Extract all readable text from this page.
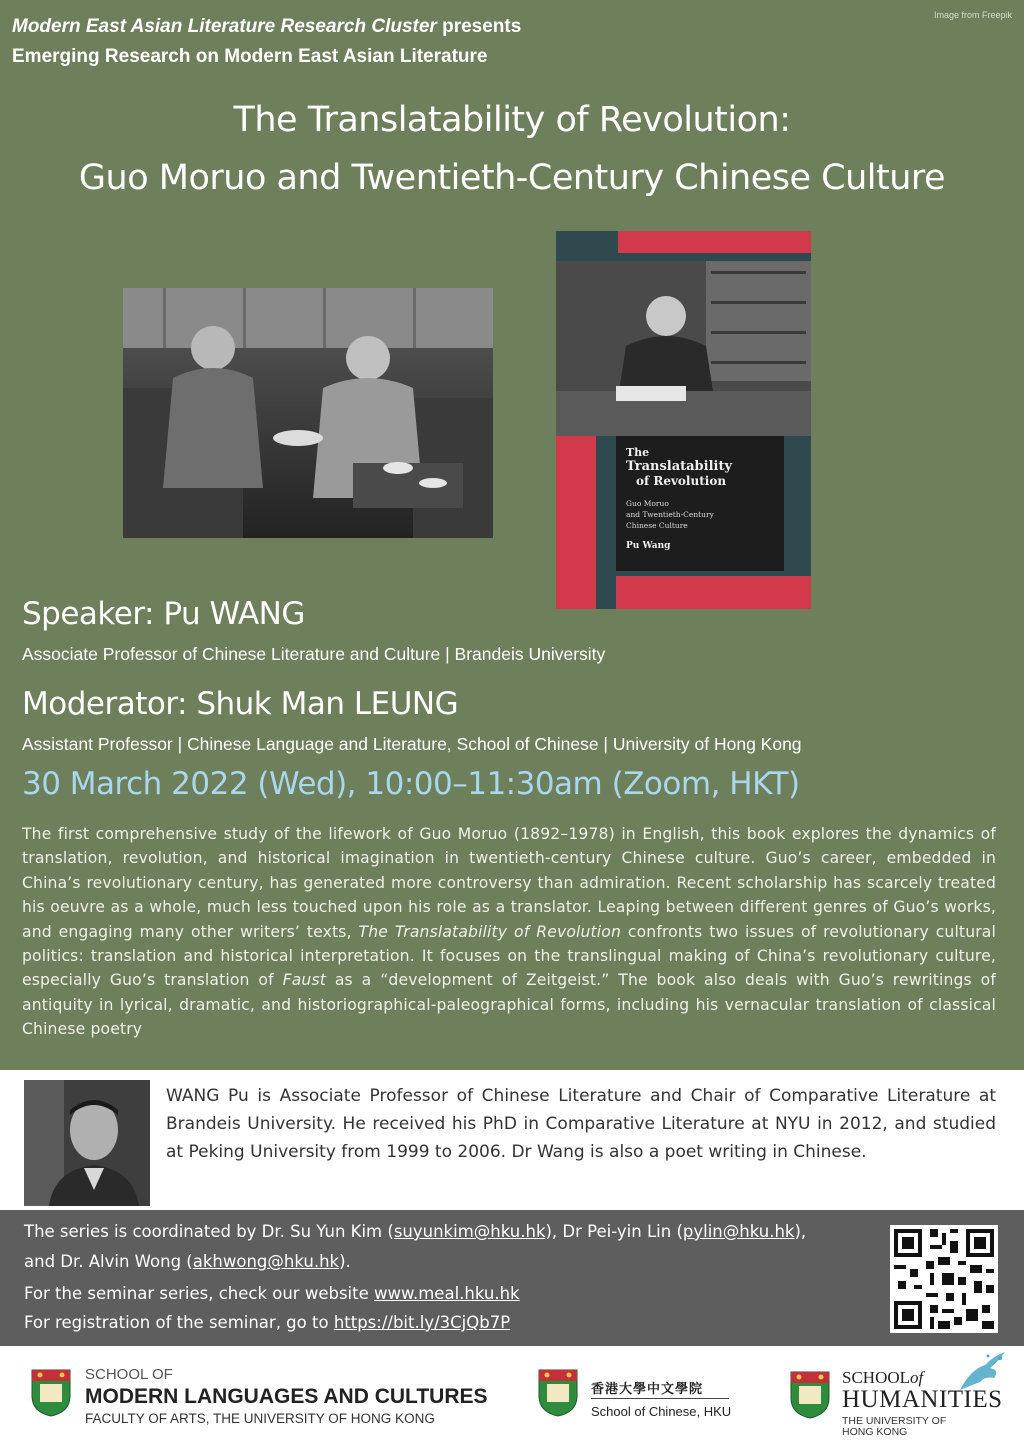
Image from Freepik
Modern East Asian Literature Research Cluster presents
Emerging Research on Modern East Asian Literature
The Translatability of Revolution:
Guo Moruo and Twentieth-Century Chinese Culture
The
Translatability
of Revolution
Guo Moruo
and Twentieth-Century
Chinese Culture
Pu Wang
Speaker: Pu WANG
Associate Professor of Chinese Literature and Culture | Brandeis University
Moderator: Shuk Man LEUNG
Assistant Professor | Chinese Language and Literature, School of Chinese | University of Hong Kong
30 March 2022 (Wed), 10:00–11:30am (Zoom, HKT)
The first comprehensive study of the lifework of Guo Moruo (1892–1978) in English, this book explores the dynamics of translation, revolution, and historical imagination in twentieth-century Chinese culture. Guo’s career, embedded in China’s revolutionary century, has generated more controversy than admiration. Recent scholarship has scarcely treated his oeuvre as a whole, much less touched upon his role as a translator. Leaping between different genres of Guo’s works, and engaging many other writers’ texts, The Translatability of Revolution confronts two issues of revolutionary cultural politics: translation and historical interpretation. It focuses on the translingual making of China’s revolutionary culture, especially Guo’s translation of Faust as a “development of Zeitgeist.” The book also deals with Guo’s rewritings of antiquity in lyrical, dramatic, and historiographical-paleographical forms, including his vernacular translation of classical Chinese poetry
WANG Pu is Associate Professor of Chinese Literature and Chair of Comparative Literature at Brandeis University. He received his PhD in Comparative Literature at NYU in 2012, and studied at Peking University from 1999 to 2006. Dr Wang is also a poet writing in Chinese.
The series is coordinated by Dr. Su Yun Kim (suyunkim@hku.hk), Dr Pei-yin Lin (pylin@hku.hk),
and Dr. Alvin Wong (akhwong@hku.hk).
For the seminar series, check our website www.meal.hku.hk
For registration of the seminar, go to https://bit.ly/3CjQb7P
SCHOOL OF
MODERN LANGUAGES AND CULTURES
FACULTY OF ARTS, THE UNIVERSITY OF HONG KONG
香港大學中文學院
School of Chinese, HKU
SCHOOLof
HUMANITIES
THE UNIVERSITY OF HONG KONG
